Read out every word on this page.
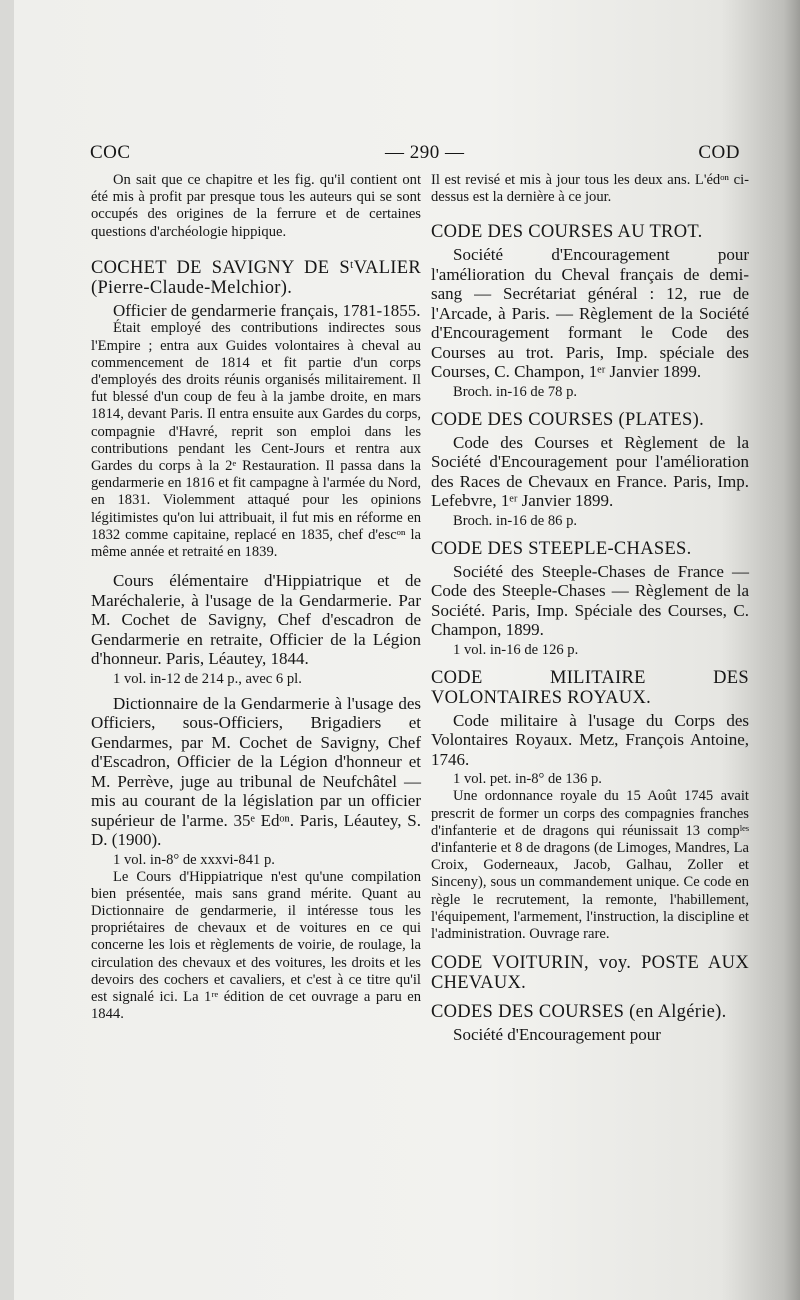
COC	— 290 —	COD

On sait que ce chapitre et les fig. qu'il contient ont été mis à profit par presque tous les auteurs qui se sont occupés des origines de la ferrure et de certaines questions d'archéologie hippique.

COCHET DE SAVIGNY DE SᵗVALIER (Pierre-Claude-Melchior).

Officier de gendarmerie français, 1781-1855.

Était employé des contributions indirectes sous l'Empire ; entra aux Guides volontaires à cheval au commencement de 1814 et fit partie d'un corps d'employés des droits réunis organisés militairement. Il fut blessé d'un coup de feu à la jambe droite, en mars 1814, devant Paris. Il entra ensuite aux Gardes du corps, compagnie d'Havré, reprit son emploi dans les contributions pendant les Cent-Jours et rentra aux Gardes du corps à la 2ᵉ Restauration. Il passa dans la gendarmerie en 1816 et fit campagne à l'armée du Nord, en 1831. Violemment attaqué pour les opinions légitimistes qu'on lui attribuait, il fut mis en réforme en 1832 comme capitaine, replacé en 1835, chef d'escᵒⁿ la même année et retraité en 1839.

Cours élémentaire d'Hippiatrique et de Maréchalerie, à l'usage de la Gendarmerie. Par M. Cochet de Savigny, Chef d'escadron de Gendarmerie en retraite, Officier de la Légion d'honneur. Paris, Léautey, 1844.

1 vol. in-12 de 214 p., avec 6 pl.

Dictionnaire de la Gendarmerie à l'usage des Officiers, sous-Officiers, Brigadiers et Gendarmes, par M. Cochet de Savigny, Chef d'Escadron, Officier de la Légion d'honneur et M. Perrève, juge au tribunal de Neufchâtel — mis au courant de la législation par un officier supérieur de l'arme. 35ᵉ Edᵒⁿ. Paris, Léautey, S. D. (1900).

1 vol. in-8° de xxxvi-841 p.

Le Cours d'Hippiatrique n'est qu'une compilation bien présentée, mais sans grand mérite. Quant au Dictionnaire de gendarmerie, il intéresse tous les propriétaires de chevaux et de voitures en ce qui concerne les lois et règlements de voirie, de roulage, la circulation des chevaux et des voitures, les droits et les devoirs des cochers et cavaliers, et c'est à ce titre qu'il est signalé ici. La 1ʳᵉ édition de cet ouvrage a paru en 1844.

Il est revisé et mis à jour tous les deux ans. L'édᵒⁿ ci-dessus est la dernière à ce jour.

CODE DES COURSES AU TROT.

Société d'Encouragement pour l'amélioration du Cheval français de demi-sang — Secrétariat général : 12, rue de l'Arcade, à Paris. — Règlement de la Société d'Encouragement formant le Code des Courses au trot. Paris, Imp. spéciale des Courses, C. Champon, 1ᵉʳ Janvier 1899.

Broch. in-16 de 78 p.

CODE DES COURSES (PLATES).

Code des Courses et Règlement de la Société d'Encouragement pour l'amélioration des Races de Chevaux en France. Paris, Imp. Lefebvre, 1ᵉʳ Janvier 1899.

Broch. in-16 de 86 p.

CODE DES STEEPLE-CHASES.

Société des Steeple-Chases de France — Code des Steeple-Chases — Règlement de la Société. Paris, Imp. Spéciale des Courses, C. Champon, 1899.

1 vol. in-16 de 126 p.

CODE MILITAIRE DES VOLONTAIRES ROYAUX.

Code militaire à l'usage du Corps des Volontaires Royaux. Metz, François Antoine, 1746.

1 vol. pet. in-8° de 136 p.

Une ordonnance royale du 15 Août 1745 avait prescrit de former un corps des compagnies franches d'infanterie et de dragons qui réunissait 13 compˡᵉˢ d'infanterie et 8 de dragons (de Limoges, Mandres, La Croix, Goderneaux, Jacob, Galhau, Zoller et Sinceny), sous un commandement unique. Ce code en règle le recrutement, la remonte, l'habillement, l'équipement, l'armement, l'instruction, la discipline et l'administration. Ouvrage rare.

CODE VOITURIN, voy. POSTE AUX CHEVAUX.

CODES DES COURSES (en Algérie).

Société d'Encouragement pour
